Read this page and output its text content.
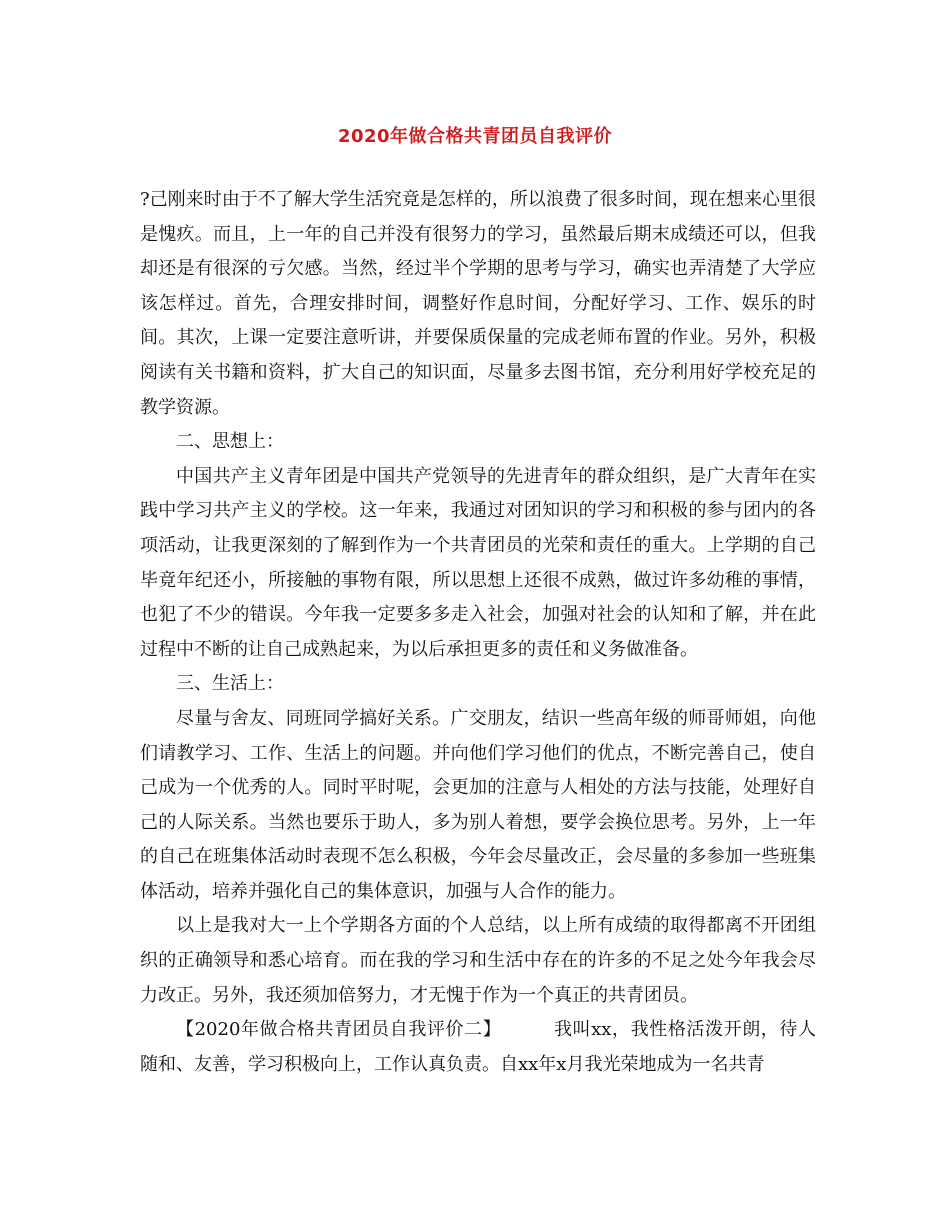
2020年做合格共青团员自我评价

?己刚来时由于不了解大学生活究竟是怎样的，所以浪费了很多时间，现在想来心里很是愧疚。而且，上一年的自己并没有很努力的学习，虽然最后期末成绩还可以，但我却还是有很深的亏欠感。当然，经过半个学期的思考与学习，确实也弄清楚了大学应该怎样过。首先，合理安排时间，调整好作息时间，分配好学习、工作、娱乐的时间。其次，上课一定要注意听讲，并要保质保量的完成老师布置的作业。另外，积极阅读有关书籍和资料，扩大自己的知识面，尽量多去图书馆，充分利用好学校充足的教学资源。

二、思想上：

中国共产主义青年团是中国共产党领导的先进青年的群众组织，是广大青年在实践中学习共产主义的学校。这一年来，我通过对团知识的学习和积极的参与团内的各项活动，让我更深刻的了解到作为一个共青团员的光荣和责任的重大。上学期的自己毕竟年纪还小，所接触的事物有限，所以思想上还很不成熟，做过许多幼稚的事情，也犯了不少的错误。今年我一定要多多走入社会，加强对社会的认知和了解，并在此过程中不断的让自己成熟起来，为以后承担更多的责任和义务做准备。

三、生活上：

尽量与舍友、同班同学搞好关系。广交朋友，结识一些高年级的师哥师姐，向他们请教学习、工作、生活上的问题。并向他们学习他们的优点，不断完善自己，使自己成为一个优秀的人。同时平时呢，会更加的注意与人相处的方法与技能，处理好自己的人际关系。当然也要乐于助人，多为别人着想，要学会换位思考。另外，上一年的自己在班集体活动时表现不怎么积极，今年会尽量改正，会尽量的多参加一些班集体活动，培养并强化自己的集体意识，加强与人合作的能力。

以上是我对大一上个学期各方面的个人总结，以上所有成绩的取得都离不开团组织的正确领导和悉心培育。而在我的学习和生活中存在的许多的不足之处今年我会尽力改正。另外，我还须加倍努力，才无愧于作为一个真正的共青团员。

【2020年做合格共青团员自我评价二】	我叫xx，我性格活泼开朗，待人随和、友善，学习积极向上，工作认真负责。自xx年x月我光荣地成为一名共青
